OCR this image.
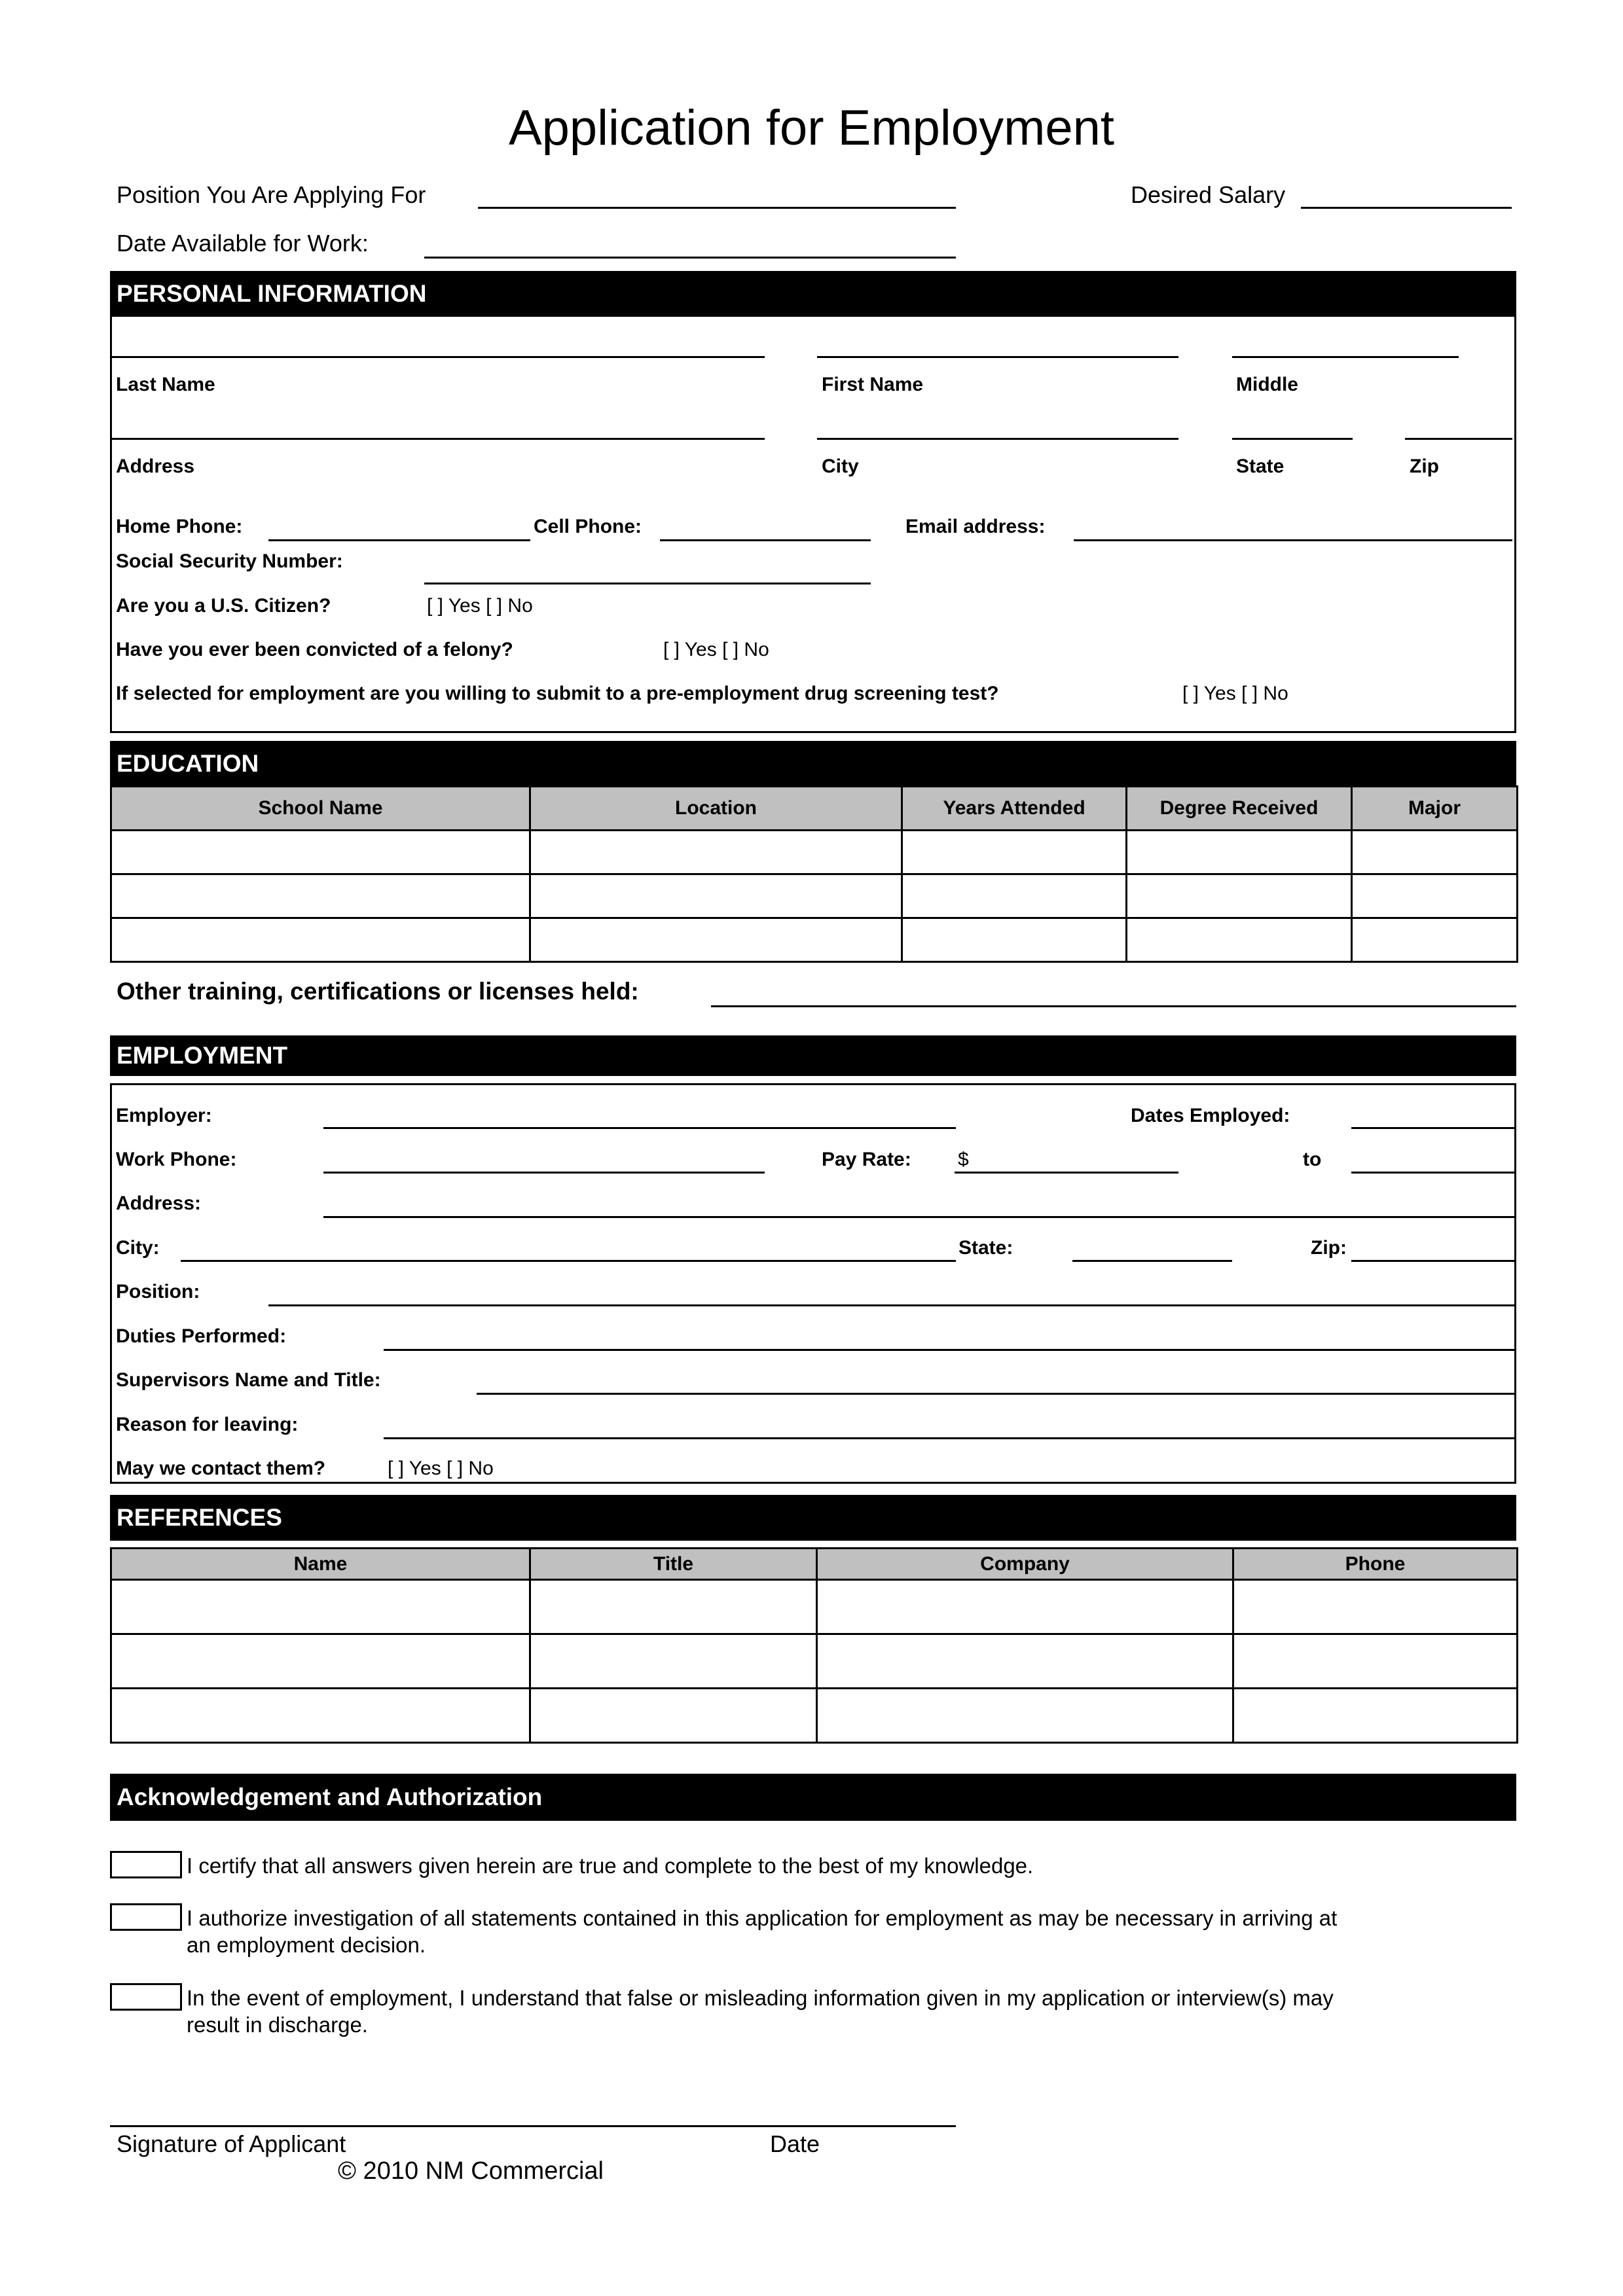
Application for Employment
Position You Are Applying For	Desired Salary
Date Available for Work:
PERSONAL INFORMATION
Last Name	First Name	Middle
Address	City	State	Zip
Home Phone:	Cell Phone:	Email address:
Social Security Number:
Are you a U.S. Citizen?	[ ] Yes [ ] No
Have you ever been convicted of a felony?	[ ] Yes [ ] No
If selected for employment are you willing to submit to a pre-employment drug screening test?	[ ] Yes [ ] No
EDUCATION
School Name	Location	Years Attended	Degree Received	Major

Other training, certifications or licenses held:
EMPLOYMENT
Employer:	Dates Employed:
Work Phone:	Pay Rate: $	to
Address:
City:	State:	Zip:
Position:
Duties Performed:
Supervisors Name and Title:
Reason for leaving:
May we contact them?	[ ] Yes [ ] No
REFERENCES
Name	Title	Company	Phone

Acknowledgement and Authorization
I certify that all answers given herein are true and complete to the best of my knowledge.
I authorize investigation of all statements contained in this application for employment as may be necessary in arriving at
an employment decision.
In the event of employment, I understand that false or misleading information given in my application or interview(s) may
result in discharge.
Signature of Applicant	Date
© 2010 NM Commercial
